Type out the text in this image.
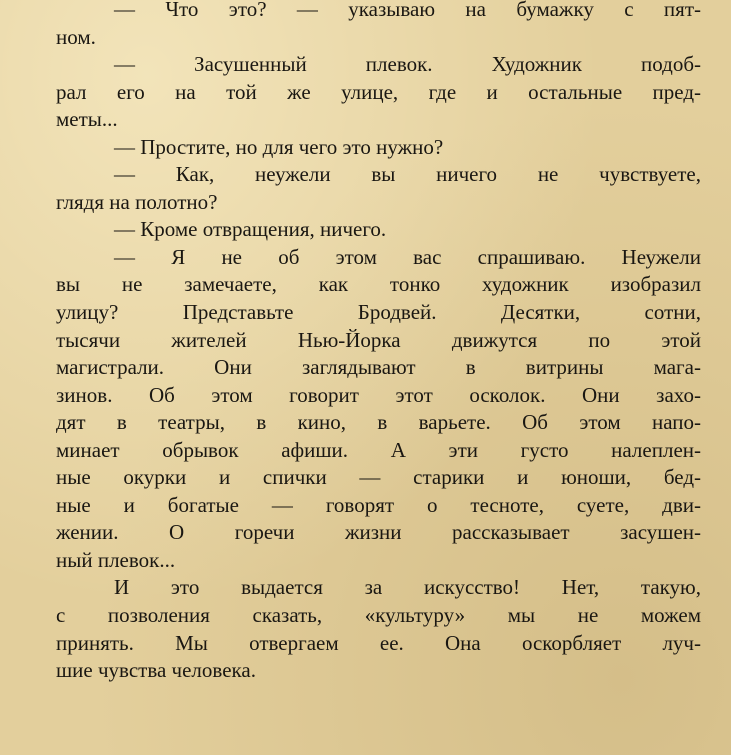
— Что это? — указываю на бумажку с пят-
ном.
— Засушенный плевок. Художник подоб-
рал его на той же улице, где и остальные пред-
меты...
— Простите, но для чего это нужно?
— Как, неужели вы ничего не чувствуете,
глядя на полотно?
— Кроме отвращения, ничего.
— Я не об этом вас спрашиваю. Неужели
вы не замечаете, как тонко художник изобразил
улицу? Представьте Бродвей. Десятки, сотни,
тысячи жителей Нью-Йорка движутся по этой
магистрали. Они заглядывают в витрины мага-
зинов. Об этом говорит этот осколок. Они захо-
дят в театры, в кино, в варьете. Об этом напо-
минает обрывок афиши. А эти густо налеплен-
ные окурки и спички — старики и юноши, бед-
ные и богатые — говорят о тесноте, суете, дви-
жении. О горечи жизни рассказывает засушен-
ный плевок...
И это выдается за искусство! Нет, такую,
с позволения сказать, «культуру» мы не можем
принять. Мы отвергаем ее. Она оскорбляет луч-
шие чувства человека.
